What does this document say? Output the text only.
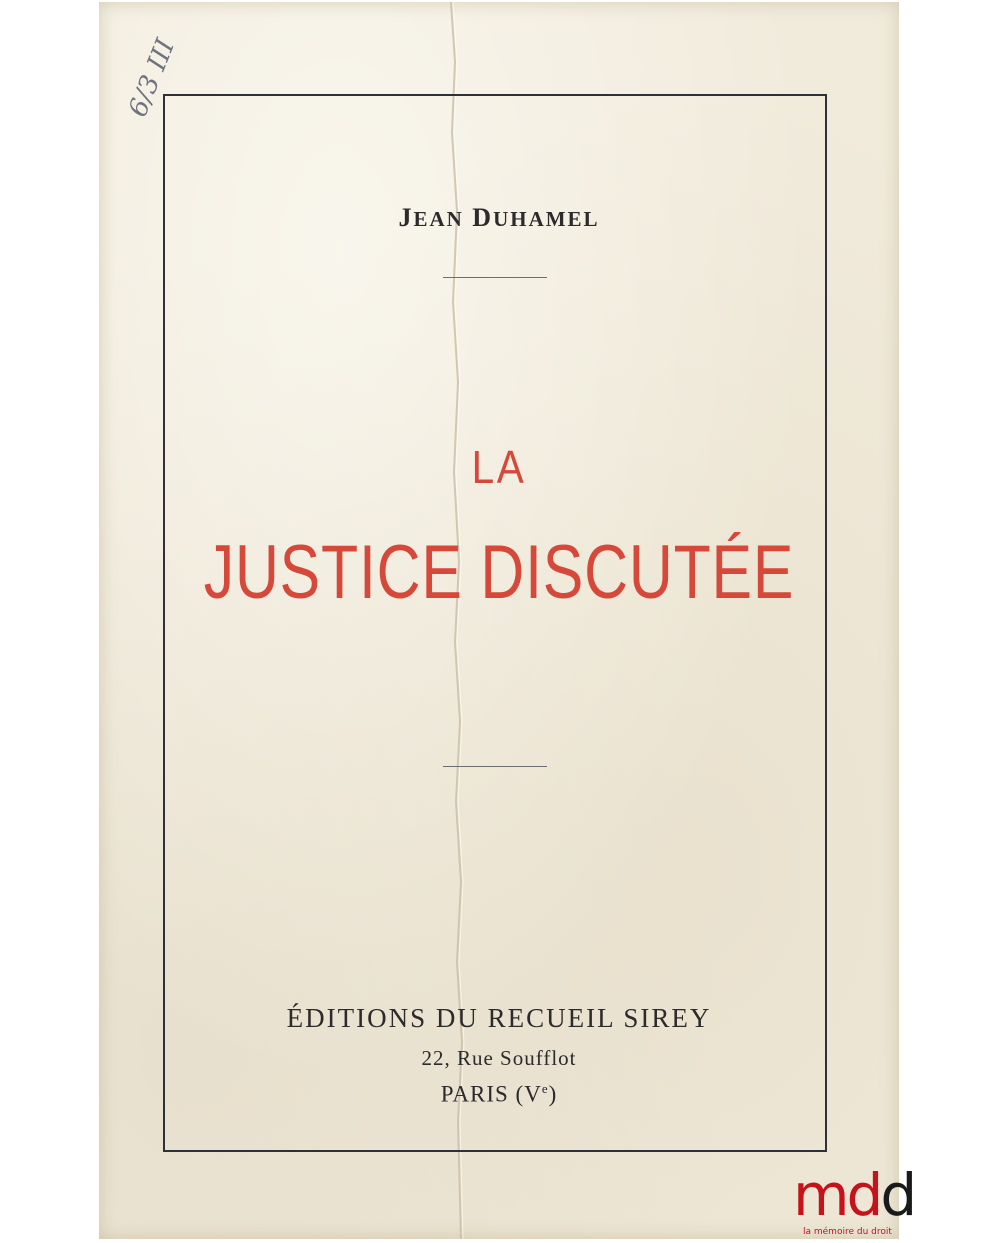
6/3 III
JEAN DUHAMEL
LA
JUSTICE DISCUTÉE
ÉDITIONS DU RECUEIL SIREY
22, Rue Soufflot
PARIS (Ve)
mdd
la mémoire du droit
